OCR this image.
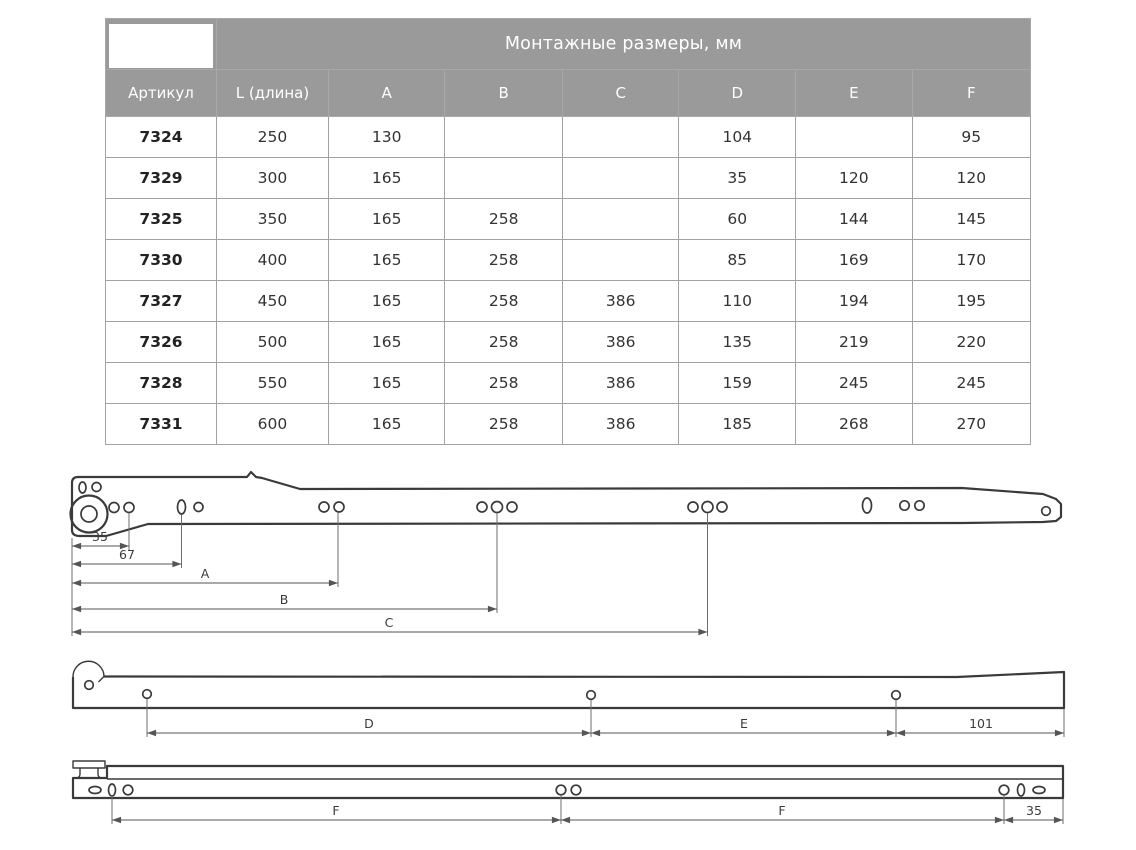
	Монтажные размеры, мм						
Артикул	L (длина)	A	B	C	D	E	F
7324	250	130			104		95
7329	300	165			35	120	120
7325	350	165	258		60	144	145
7330	400	165	258		85	169	170
7327	450	165	258	386	110	194	195
7326	500	165	258	386	135	219	220
7328	550	165	258	386	159	245	245
7331	600	165	258	386	185	268	270
35
67
A
B
C
D	E	101
F	F	35
